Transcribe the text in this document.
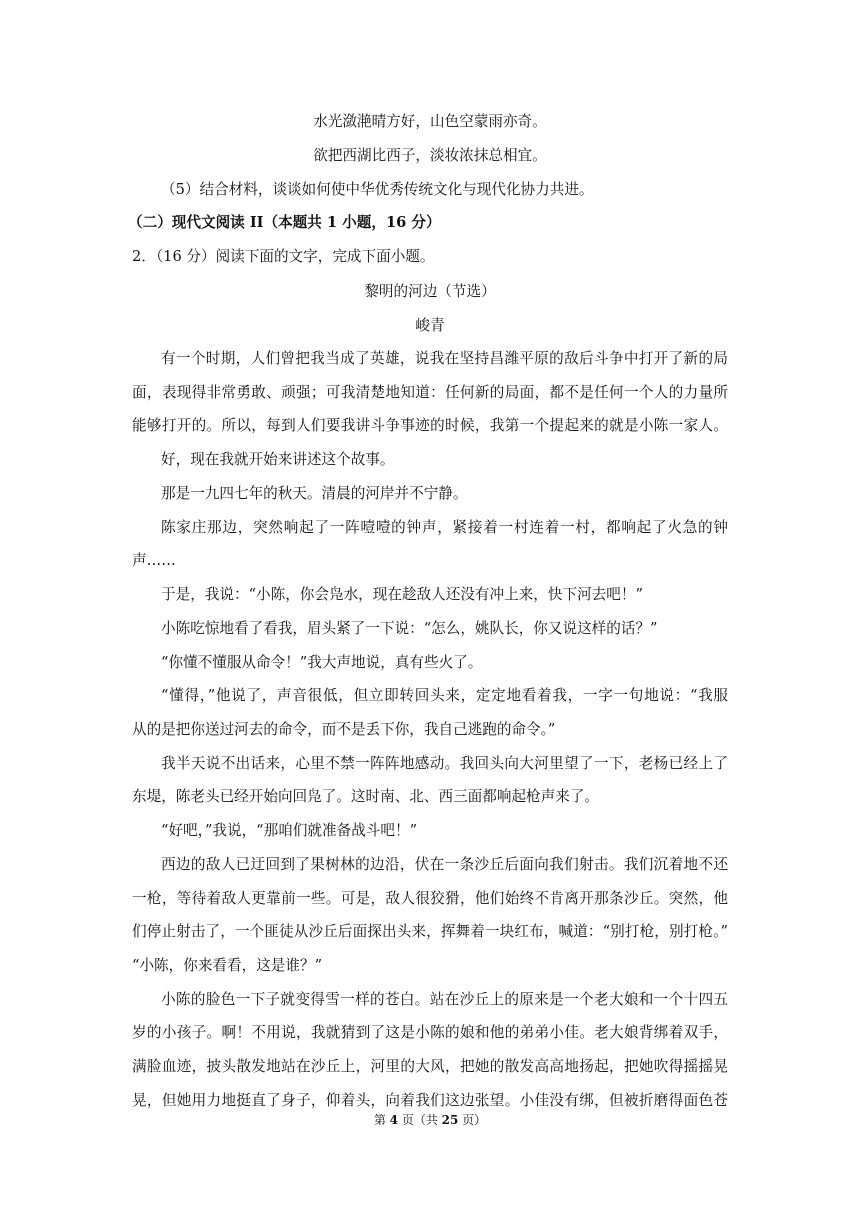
水光潋滟晴方好，山色空蒙雨亦奇。
欲把西湖比西子，淡妆浓抹总相宜。
（5）结合材料，谈谈如何使中华优秀传统文化与现代化协力共进。
（二）现代文阅读 II（本题共 1 小题，16 分）
2．（16 分）阅读下面的文字，完成下面小题。
黎明的河边（节选）
峻青
有一个时期，人们曾把我当成了英雄，说我在坚持昌潍平原的敌后斗争中打开了新的局
面，表现得非常勇敢、顽强；可我清楚地知道：任何新的局面，都不是任何一个人的力量所
能够打开的。所以，每到人们要我讲斗争事迹的时候，我第一个提起来的就是小陈一家人。
好，现在我就开始来讲述这个故事。
那是一九四七年的秋天。清晨的河岸并不宁静。
陈家庄那边，突然响起了一阵噎噎的钟声，紧接着一村连着一村，都响起了火急的钟
声……
于是，我说：“小陈，你会凫水，现在趁敌人还没有冲上来，快下河去吧！”
小陈吃惊地看了看我，眉头紧了一下说：“怎么，姚队长，你又说这样的话？”
“你懂不懂服从命令！”我大声地说，真有些火了。
“懂得，”他说了，声音很低，但立即转回头来，定定地看着我，一字一句地说：“我服
从的是把你送过河去的命令，而不是丢下你，我自己逃跑的命令。”
我半天说不出话来，心里不禁一阵阵地感动。我回头向大河里望了一下，老杨已经上了
东堤，陈老头已经开始向回凫了。这时南、北、西三面都响起枪声来了。
“好吧，”我说，“那咱们就准备战斗吧！”
西边的敌人已迂回到了果树林的边沿，伏在一条沙丘后面向我们射击。我们沉着地不还
一枪，等待着敌人更靠前一些。可是，敌人很狡猾，他们始终不肯离开那条沙丘。突然，他
们停止射击了，一个匪徒从沙丘后面探出头来，挥舞着一块红布，喊道：“别打枪，别打枪。”
“小陈，你来看看，这是谁？”
小陈的脸色一下子就变得雪一样的苍白。站在沙丘上的原来是一个老大娘和一个十四五
岁的小孩子。啊！不用说，我就猜到了这是小陈的娘和他的弟弟小佳。老大娘背绑着双手，
满脸血迹，披头散发地站在沙丘上，河里的大风，把她的散发高高地扬起，把她吹得摇摇晃
晃，但她用力地挺直了身子，仰着头，向着我们这边张望。小佳没有绑，但被折磨得面色苍
第 4 页（共 25 页）
